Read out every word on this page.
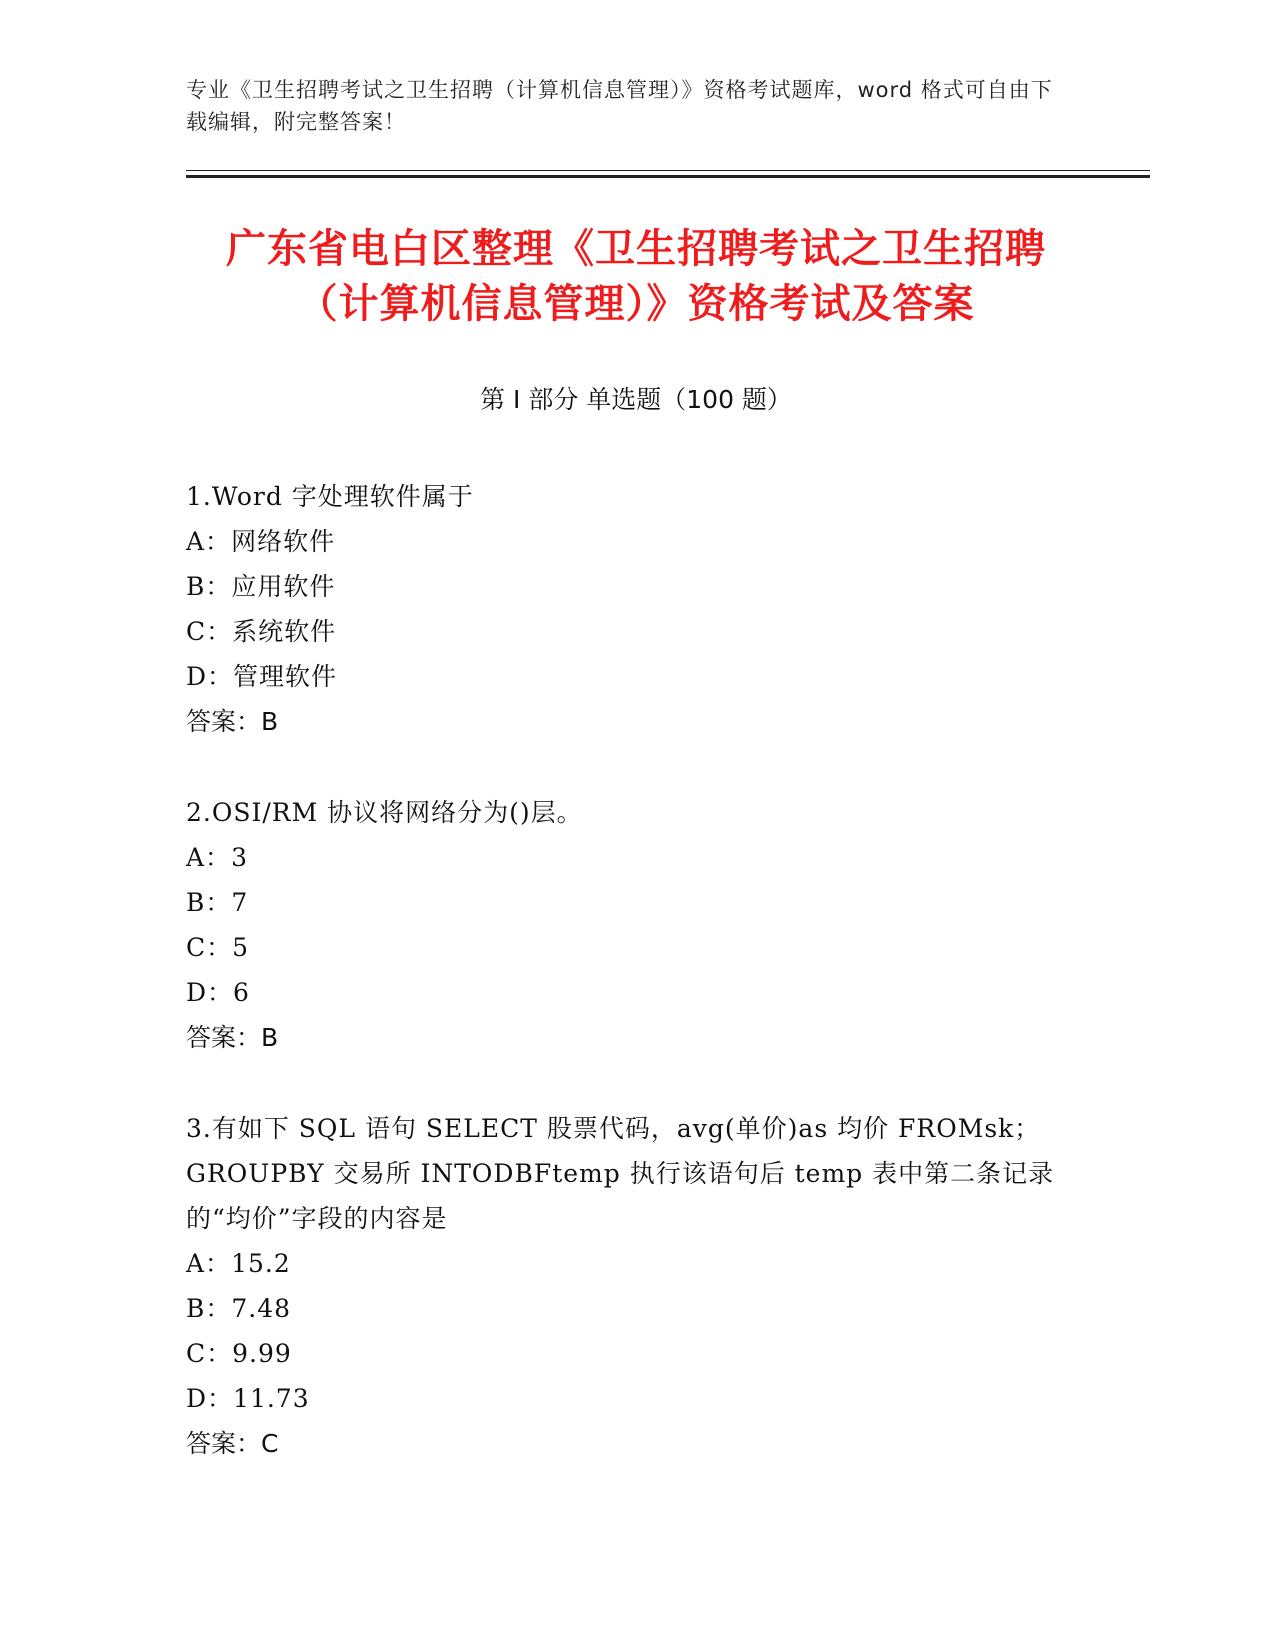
专业《卫生招聘考试之卫生招聘（计算机信息管理）》资格考试题库，word 格式可自由下载编辑，附完整答案！
广东省电白区整理《卫生招聘考试之卫生招聘（计算机信息管理）》资格考试及答案
第 I 部分 单选题（100 题）
1.Word 字处理软件属于
A：网络软件
B：应用软件
C：系统软件
D：管理软件
答案：B
2.OSI/RM 协议将网络分为()层。
A：3
B：7
C：5
D：6
答案：B
3.有如下 SQL 语句 SELECT 股票代码，avg(单价)as 均价 FROMsk；GROUPBY 交易所 INTODBFtemp 执行该语句后 temp 表中第二条记录的“均价”字段的内容是
A：15.2
B：7.48
C：9.99
D：11.73
答案：C
